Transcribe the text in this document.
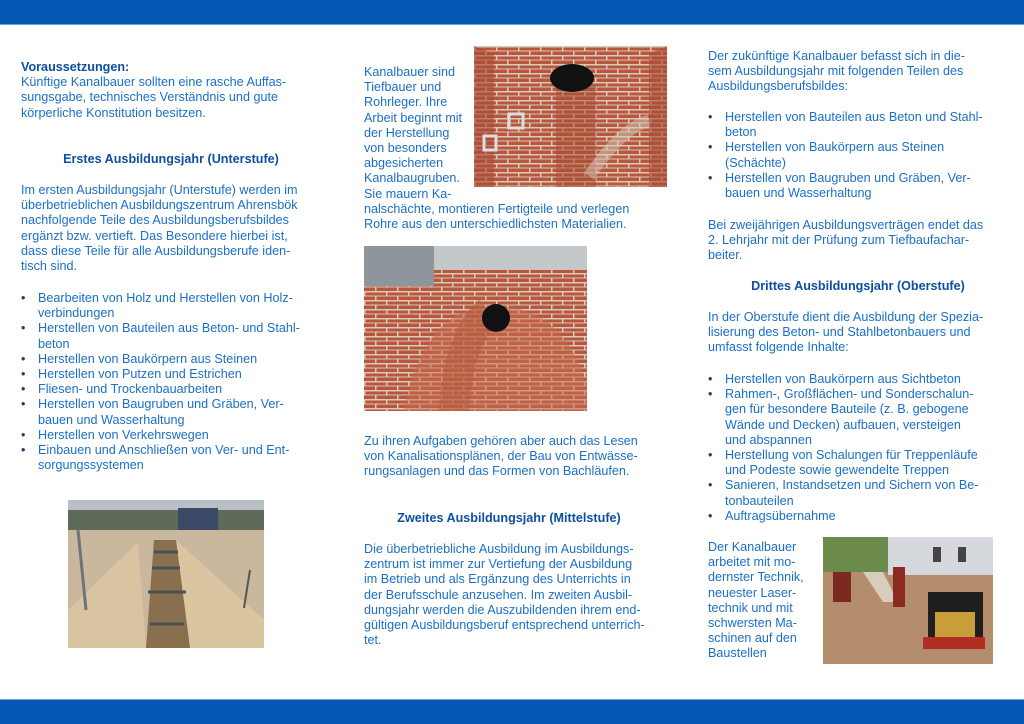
Voraussetzungen:

Künftige Kanalbauer sollten eine rasche Auffas-
sungsgabe, technisches Verständnis und gute
körperliche Konstitution besitzen.
Erstes Ausbildungsjahr (Unterstufe)
Im ersten Ausbildungsjahr (Unterstufe) werden im
überbetrieblichen Ausbildungszentrum Ahrensbök
nachfolgende Teile des Ausbildungsberufsbildes
ergänzt bzw. vertieft. Das Besondere hierbei ist,
dass diese Teile für alle Ausbildungsberufe iden-
tisch sind.
• Bearbeiten von Holz und Herstellen von Holz-
verbindungen
• Herstellen von Bauteilen aus Beton- und Stahl-
beton
• Herstellen von Baukörpern aus Steinen
• Herstellen von Putzen und Estrichen
• Fliesen- und Trockenbauarbeiten
• Herstellen von Baugruben und Gräben, Ver-
bauen und Wasserhaltung
• Herstellen von Verkehrswegen
• Einbauen und Anschließen von Ver- und Ent-
sorgungssystemen
Kanalbauer sind
Tiefbauer und
Rohrleger. Ihre
Arbeit beginnt mit
der Herstellung
von besonders
abgesicherten
Kanalbaugruben.
Sie mauern Ka-
nalschächte, montieren Fertigteile und verlegen
Rohre aus den unterschiedlichsten Materialien.
Zu ihren Aufgaben gehören aber auch das Lesen
von Kanalisationsplänen, der Bau von Entwässe-
rungsanlagen und das Formen von Bachläufen.
Zweites Ausbildungsjahr (Mittelstufe)
Die überbetriebliche Ausbildung im Ausbildungs-
zentrum ist immer zur Vertiefung der Ausbildung
im Betrieb und als Ergänzung des Unterrichts in
der Berufsschule anzusehen. Im zweiten Ausbil-
dungsjahr werden die Auszubildenden ihrem end-
gültigen Ausbildungsberuf entsprechend unterrich-
tet.
Der zukünftige Kanalbauer befasst sich in die-
sem Ausbildungsjahr mit folgenden Teilen des
Ausbildungsberufsbildes:
• Herstellen von Bauteilen aus Beton und Stahl-
beton
• Herstellen von Baukörpern aus Steinen
(Schächte)
• Herstellen von Baugruben und Gräben, Ver-
bauen und Wasserhaltung
Bei zweijährigen Ausbildungsverträgen endet das
2. Lehrjahr mit der Prüfung zum Tiefbaufachar-
beiter.
Drittes Ausbildungsjahr (Oberstufe)
In der Oberstufe dient die Ausbildung der Spezia-
lisierung des Beton- und Stahlbetonbauers und
umfasst folgende Inhalte:
• Herstellen von Baukörpern aus Sichtbeton
• Rahmen-, Großflächen- und Sonderschalun-
gen für besondere Bauteile (z. B. gebogene
Wände und Decken) aufbauen, versteigen
und abspannen
• Herstellung von Schalungen für Treppenläufe
und Podeste sowie gewendelte Treppen
• Sanieren, Instandsetzen und Sichern von Be-
tonbauteilen
• Auftragsübernahme
Der Kanalbauer
arbeitet mit mo-
dernster Technik,
neuester Laser-
technik und mit
schwersten Ma-
schinen auf den
Baustellen
